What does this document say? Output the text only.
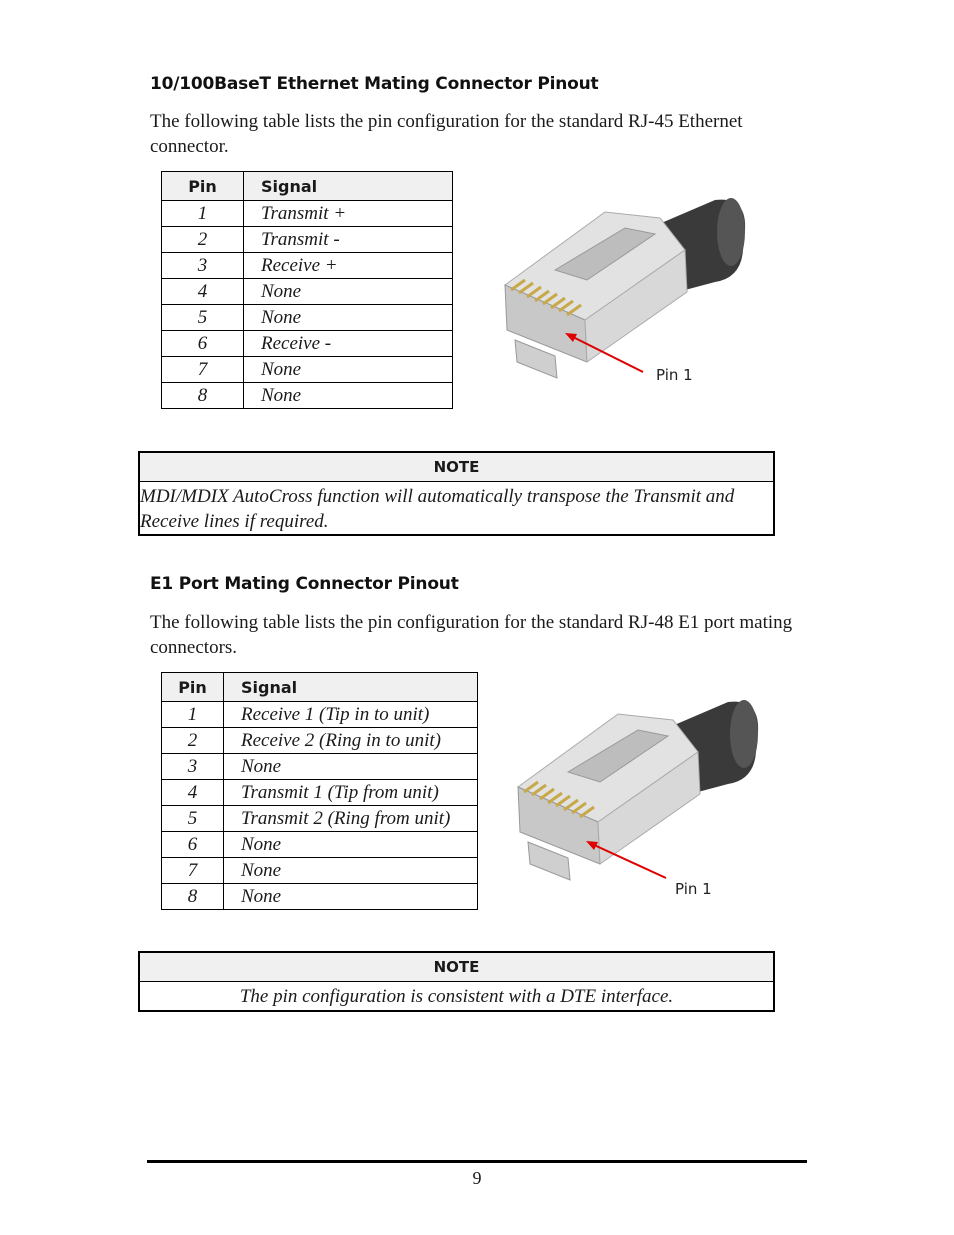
10/100BaseT Ethernet Mating Connector Pinout
The following table lists the pin configuration for the standard RJ-45 Ethernet
connector.
Pin	Signal
1	Transmit +
2	Transmit -
3	Receive +
4	None
5	None
6	Receive -
7	None
8	None
Pin 1
NOTE
MDI/MDIX AutoCross function will automatically transpose the Transmit and
Receive lines if required.
E1 Port Mating Connector Pinout
The following table lists the pin configuration for the standard RJ-48 E1 port mating
connectors.
Pin	Signal
1	Receive 1 (Tip in to unit)
2	Receive 2 (Ring in to unit)
3	None
4	Transmit 1 (Tip from unit)
5	Transmit 2 (Ring from unit)
6	None
7	None
8	None	Pin 1
NOTE
The pin configuration is consistent with a DTE interface.
9
